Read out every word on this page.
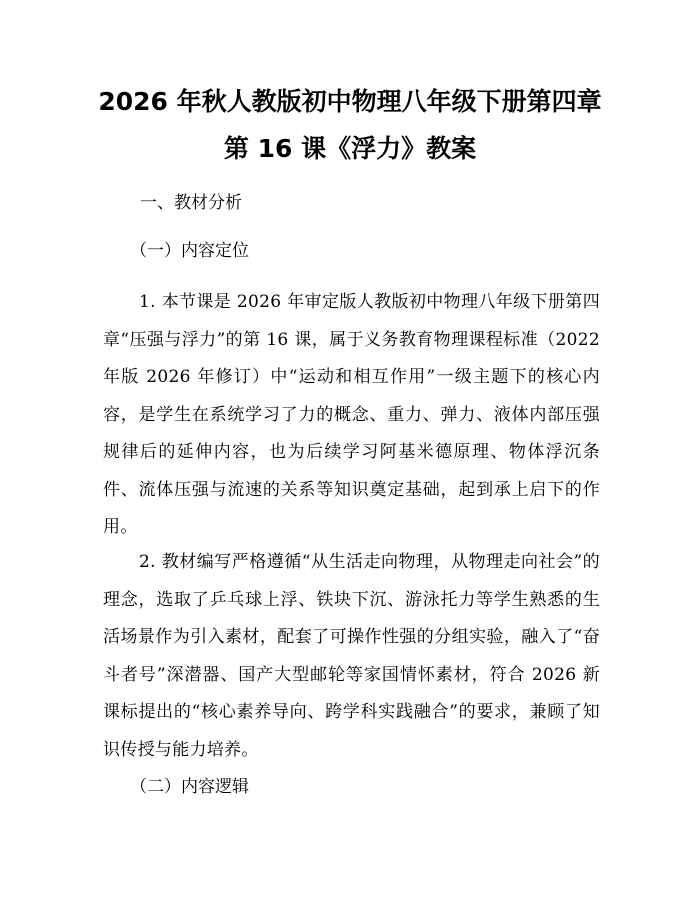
2026 年秋人教版初中物理八年级下册第四章
第 16 课《浮力》教案
一、教材分析
（一）内容定位
1. 本节课是 2026 年审定版人教版初中物理八年级下册第四章“压强与浮力”的第 16 课，属于义务教育物理课程标准（2022 年版 2026 年修订）中“运动和相互作用”一级主题下的核心内容，是学生在系统学习了力的概念、重力、弹力、液体内部压强规律后的延伸内容，也为后续学习阿基米德原理、物体浮沉条件、流体压强与流速的关系等知识奠定基础，起到承上启下的作用。
2. 教材编写严格遵循“从生活走向物理，从物理走向社会”的理念，选取了乒乓球上浮、铁块下沉、游泳托力等学生熟悉的生活场景作为引入素材，配套了可操作性强的分组实验，融入了“奋斗者号”深潜器、国产大型邮轮等家国情怀素材，符合 2026 新课标提出的“核心素养导向、跨学科实践融合”的要求，兼顾了知识传授与能力培养。
（二）内容逻辑
